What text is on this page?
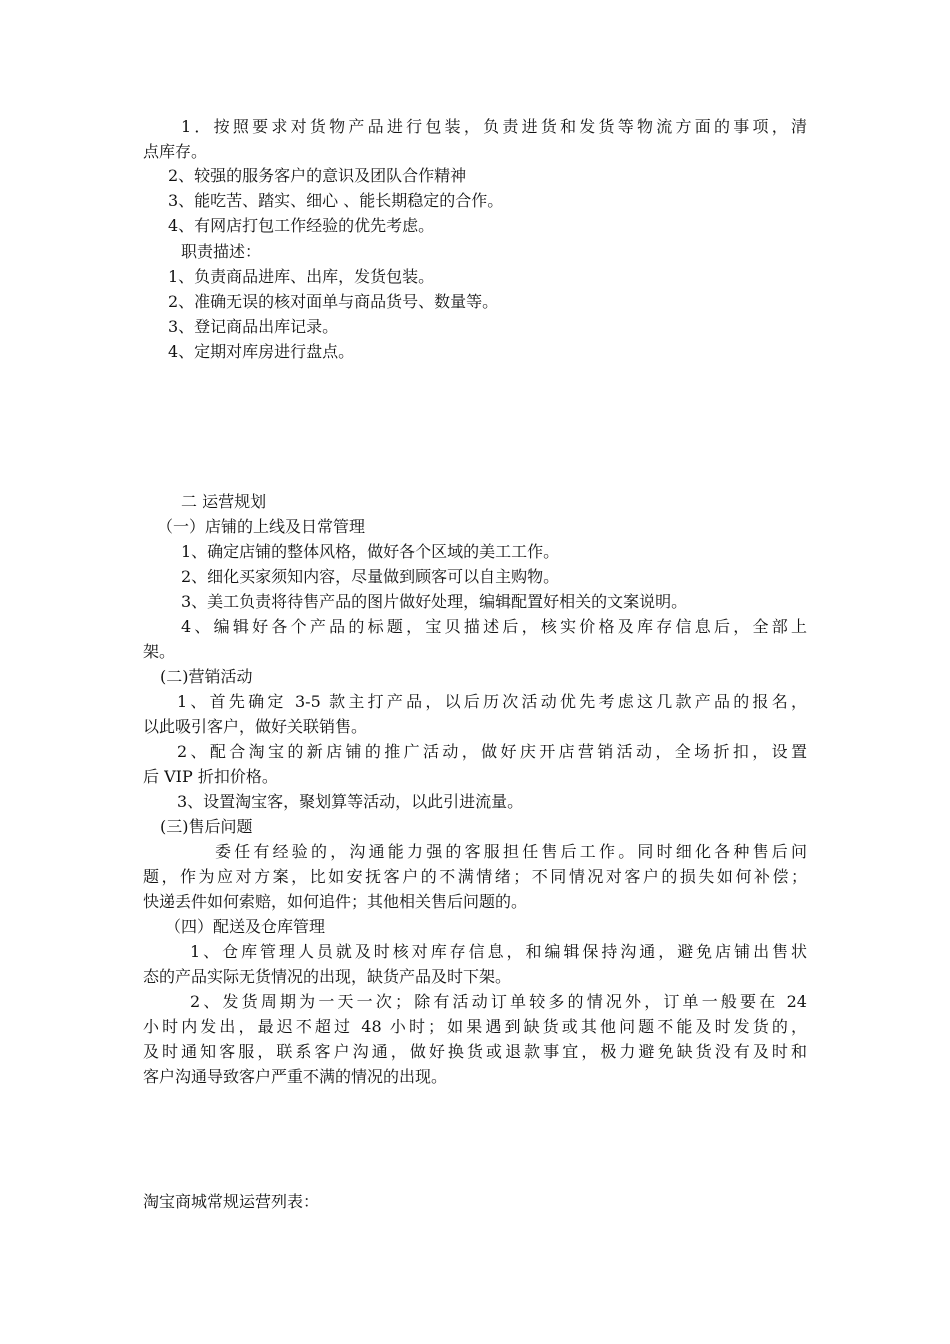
1．按照要求对货物产品进行包装，负责进货和发货等物流方面的事项，清
点库存。
2、较强的服务客户的意识及团队合作精神
3、能吃苦、踏实、细心 、能长期稳定的合作。
4、有网店打包工作经验的优先考虑。
职责描述：
1、负责商品进库、出库，发货包装。
2、准确无误的核对面单与商品货号、数量等。
3、登记商品出库记录。
4、定期对库房进行盘点。
二 运营规划
（一）店铺的上线及日常管理
1、确定店铺的整体风格，做好各个区域的美工工作。
2、细化买家须知内容，尽量做到顾客可以自主购物。
3、美工负责将待售产品的图片做好处理，编辑配置好相关的文案说明。
4、编辑好各个产品的标题，宝贝描述后，核实价格及库存信息后，全部上
架。
(二)营销活动
1、首先确定 3-5 款主打产品，以后历次活动优先考虑这几款产品的报名，
以此吸引客户，做好关联销售。
2、配合淘宝的新店铺的推广活动，做好庆开店营销活动，全场折扣，设置
后 VIP 折扣价格。
3、设置淘宝客，聚划算等活动，以此引进流量。
(三)售后问题
委任有经验的，沟通能力强的客服担任售后工作。同时细化各种售后问
题，作为应对方案，比如安抚客户的不满情绪；不同情况对客户的损失如何补偿；
快递丢件如何索赔，如何追件；其他相关售后问题的。
（四）配送及仓库管理
1、仓库管理人员就及时核对库存信息，和编辑保持沟通，避免店铺出售状
态的产品实际无货情况的出现，缺货产品及时下架。
2、发货周期为一天一次；除有活动订单较多的情况外，订单一般要在 24
小时内发出，最迟不超过 48 小时；如果遇到缺货或其他问题不能及时发货的，
及时通知客服，联系客户沟通，做好换货或退款事宜，极力避免缺货没有及时和
客户沟通导致客户严重不满的情况的出现。
淘宝商城常规运营列表：
